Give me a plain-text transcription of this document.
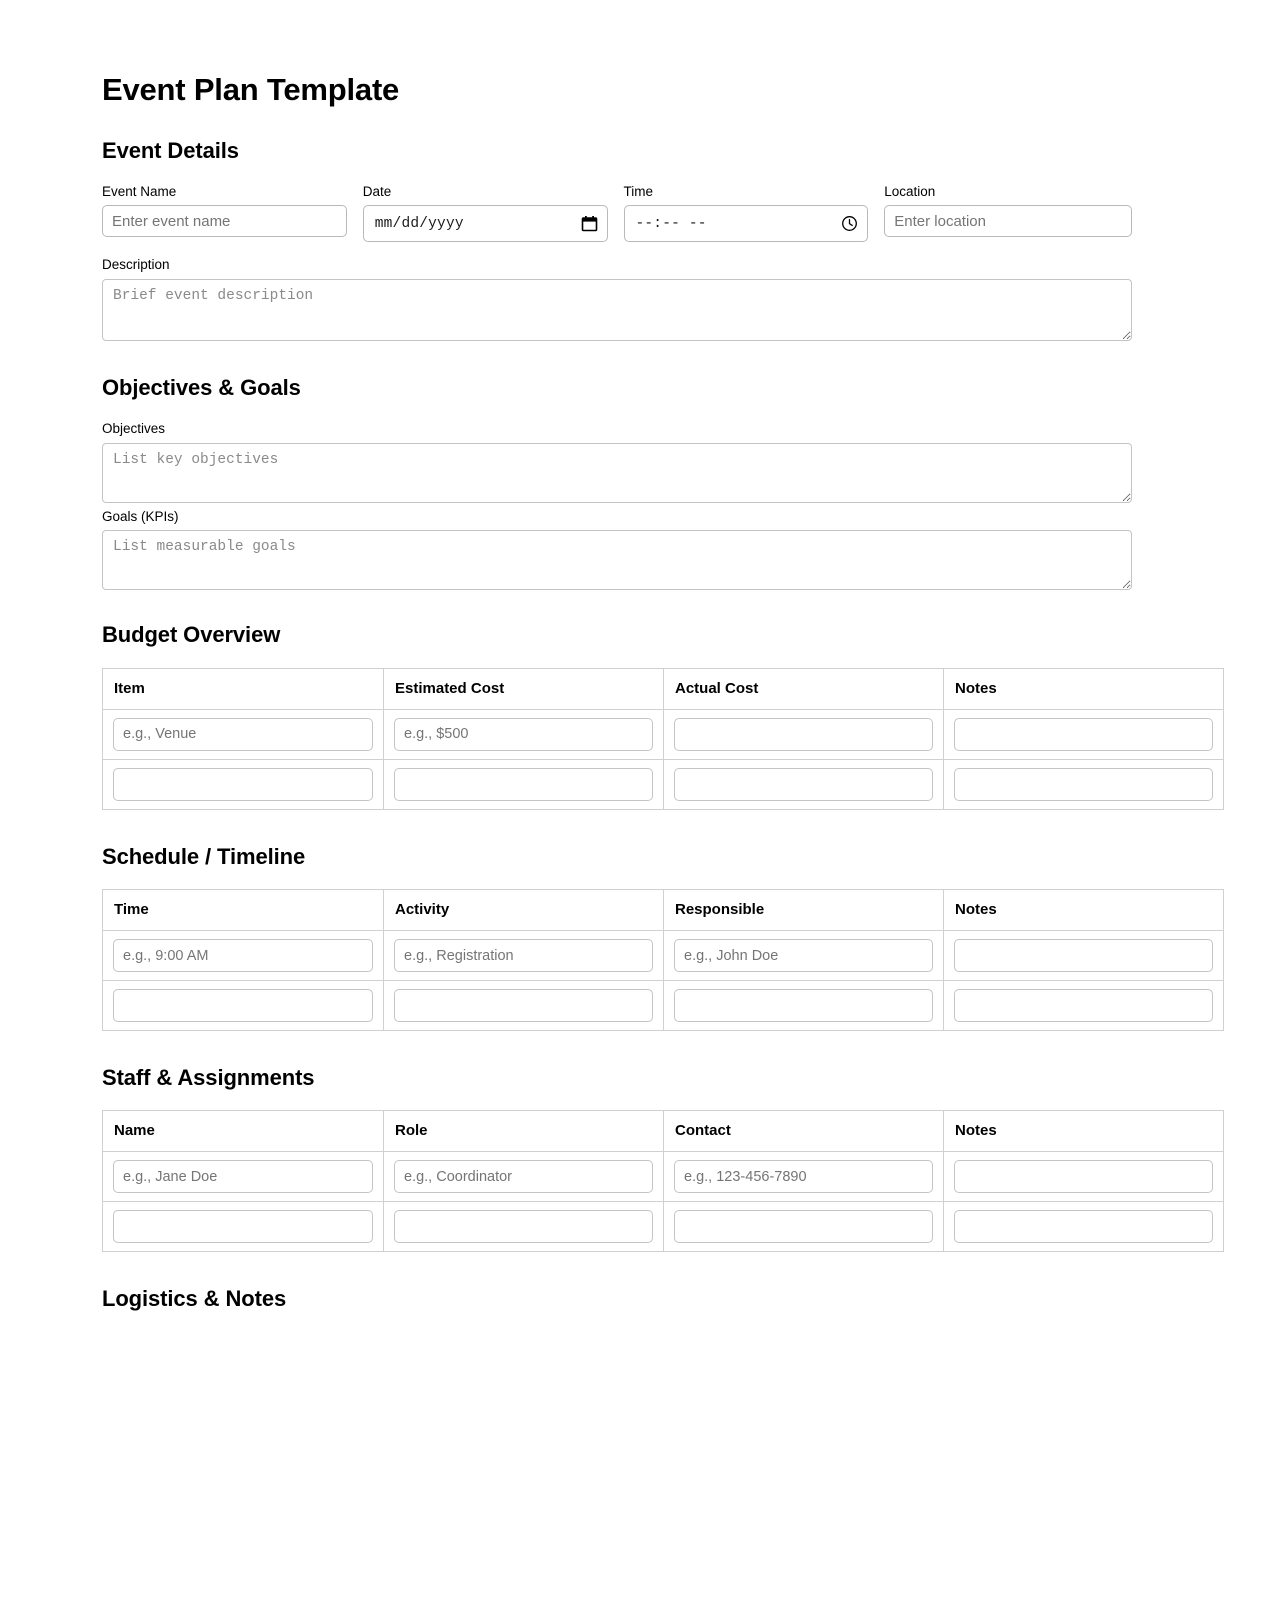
Event Plan Template
Event Details
Event Name
Enter event name	Date
mm/dd/yyyy
Time
--:-- --
Location
Enter location
Description
Brief event description
Objectives & Goals
Objectives
List key objectives
Goals (KPIs)
List measurable goals
Budget Overview
Item	Estimated Cost	Actual Cost	Notes
e.g., Venue	e.g., $500		

Schedule / Timeline
Time	Activity	Responsible	Notes
e.g., 9:00 AM	e.g., Registration	e.g., John Doe	

Staff & Assignments
Name	Role	Contact	Notes
e.g., Jane Doe	e.g., Coordinator	e.g., 123-456-7890	

Logistics & Notes
